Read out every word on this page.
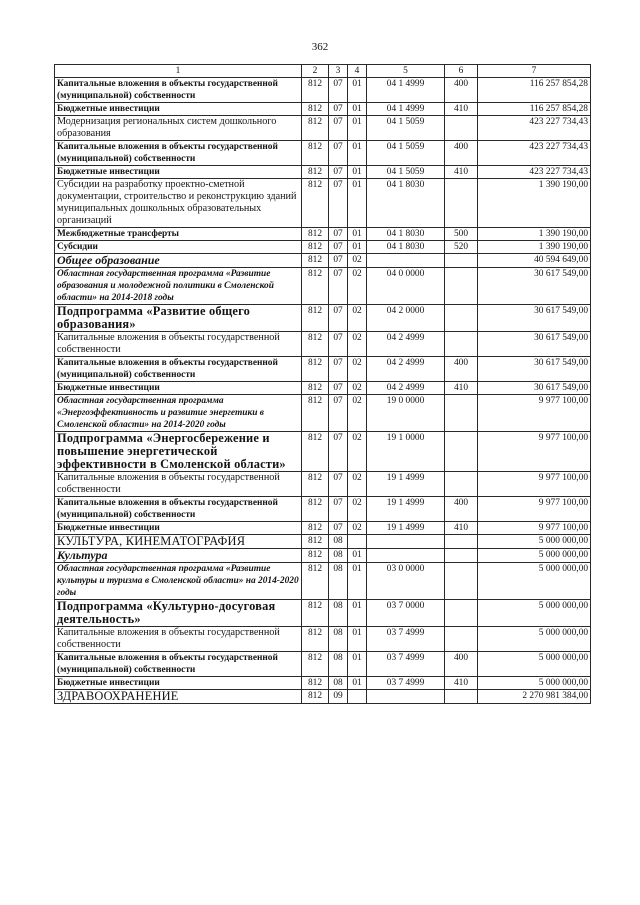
362
1	2	3	4	5	6	7
Капитальные вложения в объекты государственной (муниципальной) собственности	812	07	01	04 1 4999	400	116 257 854,28
Бюджетные инвестиции	812	07	01	04 1 4999	410	116 257 854,28
Модернизация региональных систем дошкольного образования	812	07	01	04 1 5059		423 227 734,43
Капитальные вложения в объекты государственной (муниципальной) собственности	812	07	01	04 1 5059	400	423 227 734,43
Бюджетные инвестиции	812	07	01	04 1 5059	410	423 227 734,43
Субсидии на разработку проектно-сметной документации, строительство и реконструкцию зданий муниципальных дошкольных образовательных организаций	812	07	01	04 1 8030		1 390 190,00
Межбюджетные трансферты	812	07	01	04 1 8030	500	1 390 190,00
Субсидии	812	07	01	04 1 8030	520	1 390 190,00
Общее образование	812	07	02			40 594 649,00
Областная государственная программа «Развитие образования и молодежной политики в Смоленской области» на 2014-2018 годы	812	07	02	04 0 0000		30 617 549,00
Подпрограмма «Развитие общего образования»	812	07	02	04 2 0000		30 617 549,00
Капитальные вложения в объекты государственной собственности	812	07	02	04 2 4999		30 617 549,00
Капитальные вложения в объекты государственной (муниципальной) собственности	812	07	02	04 2 4999	400	30 617 549,00
Бюджетные инвестиции	812	07	02	04 2 4999	410	30 617 549,00
Областная государственная программа «Энергоэффективность и развитие энергетики в Смоленской области» на 2014-2020 годы	812	07	02	19 0 0000		9 977 100,00
Подпрограмма «Энергосбережение и повышение энергетической эффективности в Смоленской области»	812	07	02	19 1 0000		9 977 100,00
Капитальные вложения в объекты государственной собственности	812	07	02	19 1 4999		9 977 100,00
Капитальные вложения в объекты государственной (муниципальной) собственности	812	07	02	19 1 4999	400	9 977 100,00
Бюджетные инвестиции	812	07	02	19 1 4999	410	9 977 100,00
КУЛЬТУРА, КИНЕМАТОГРАФИЯ	812	08				5 000 000,00
Культура	812	08	01			5 000 000,00
Областная государственная программа «Развитие культуры и туризма в Смоленской области» на 2014-2020 годы	812	08	01	03 0 0000		5 000 000,00
Подпрограмма «Культурно-досуговая деятельность»	812	08	01	03 7 0000		5 000 000,00
Капитальные вложения в объекты государственной собственности	812	08	01	03 7 4999		5 000 000,00
Капитальные вложения в объекты государственной (муниципальной) собственности	812	08	01	03 7 4999	400	5 000 000,00
Бюджетные инвестиции	812	08	01	03 7 4999	410	5 000 000,00
ЗДРАВООХРАНЕНИЕ	812	09				2 270 981 384,00
